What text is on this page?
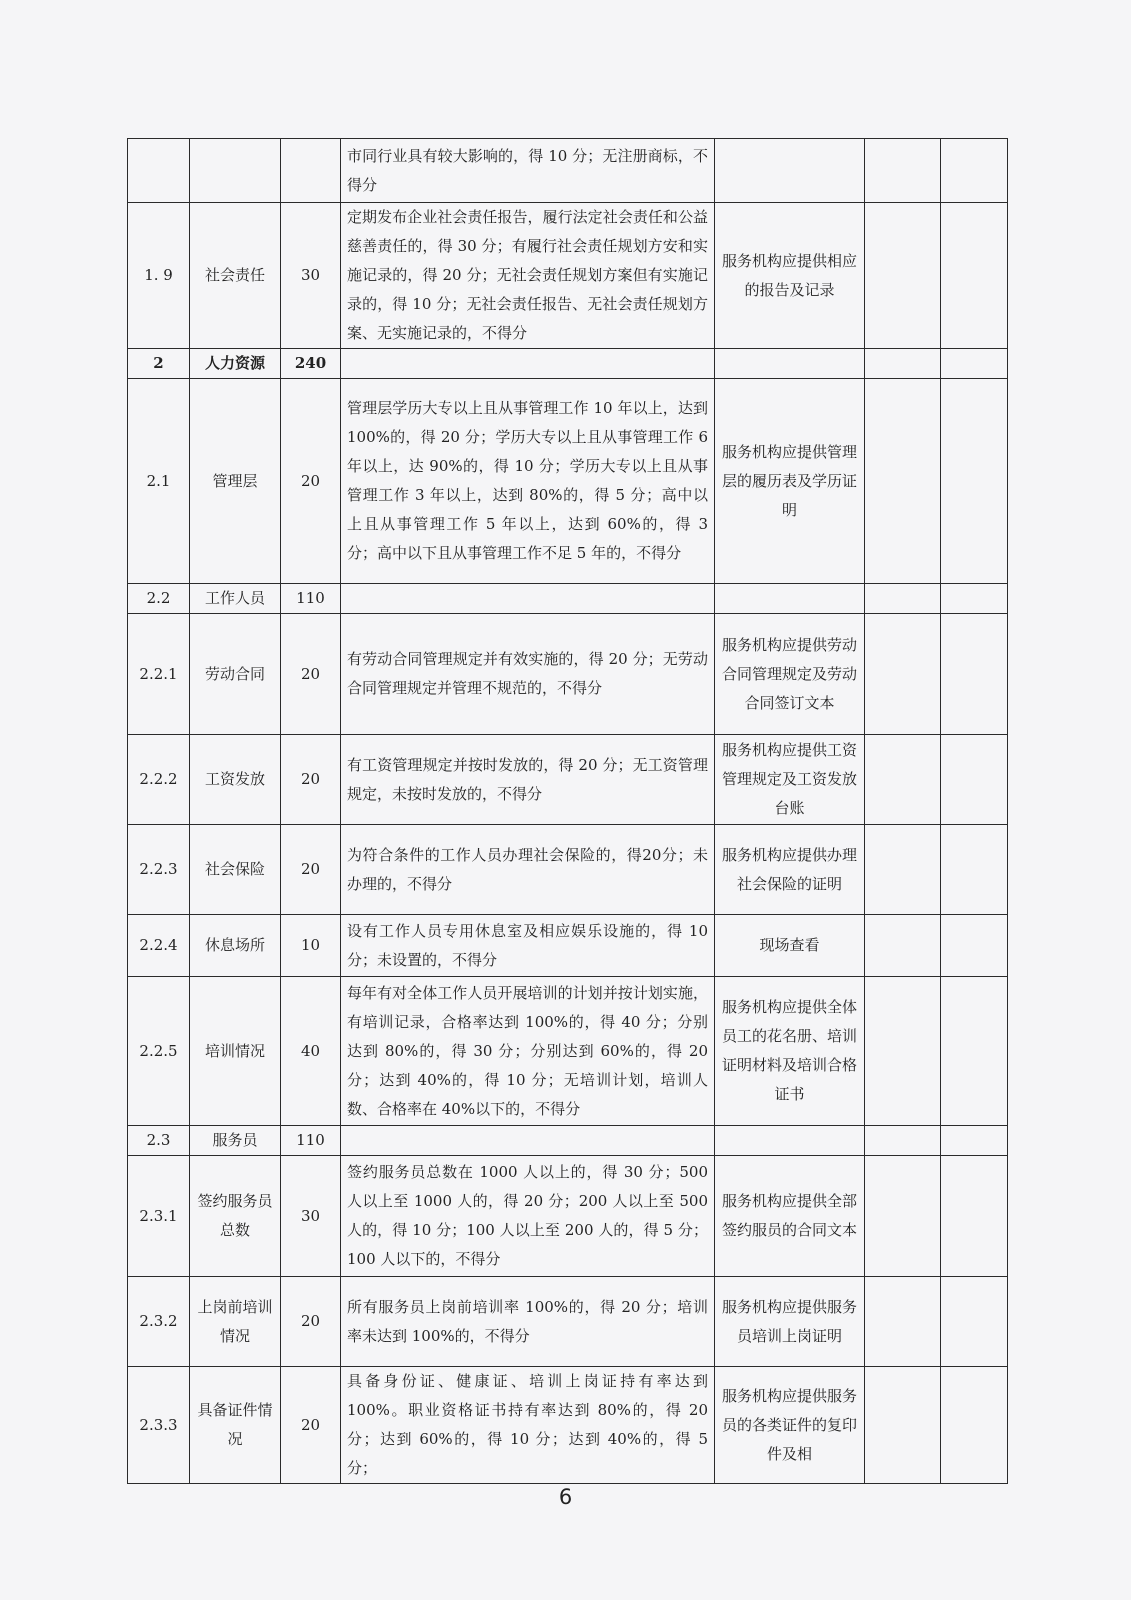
			市同行业具有较大影响的，得 10 分；无注册商标，不得分			
1. 9	社会责任	30	定期发布企业社会责任报告，履行法定社会责任和公益慈善责任的，得 30 分；有履行社会责任规划方安和实施记录的，得 20 分；无社会责任规划方案但有实施记录的，得 10 分；无社会责任报告、无社会责任规划方案、无实施记录的，不得分	服务机构应提供相应的报告及记录		
2	人力资源	240				
2.1	管理层	20	管理层学历大专以上且从事管理工作 10 年以上，达到 100%的，得 20 分；学历大专以上且从事管理工作 6 年以上，达 90%的，得 10 分；学历大专以上且从事管理工作 3 年以上，达到 80%的，得 5 分；高中以上且从事管理工作 5 年以上，达到 60%的，得 3 分；高中以下且从事管理工作不足 5 年的，不得分	服务机构应提供管理层的履历表及学历证明		
2.2	工作人员	110				
2.2.1	劳动合同	20	有劳动合同管理规定并有效实施的，得 20 分；无劳动合同管理规定并管理不规范的，不得分	服务机构应提供劳动合同管理规定及劳动合同签订文本		
2.2.2	工资发放	20	有工资管理规定并按时发放的，得 20 分；无工资管理规定，未按时发放的，不得分	服务机构应提供工资管理规定及工资发放台账		
2.2.3	社会保险	20	为符合条件的工作人员办理社会保险的，得20分；未办理的，不得分	服务机构应提供办理社会保险的证明		
2.2.4	休息场所	10	设有工作人员专用休息室及相应娱乐设施的，得 10 分；未设置的，不得分	现场查看		
2.2.5	培训情况	40	每年有对全体工作人员开展培训的计划并按计划实施，有培训记录，合格率达到 100%的，得 40 分；分别达到 80%的，得 30 分；分别达到 60%的，得 20 分；达到 40%的，得 10 分；无培训计划，培训人数、合格率在 40%以下的，不得分	服务机构应提供全体员工的花名册、培训证明材料及培训合格证书		
2.3	服务员	110				
2.3.1	签约服务员总数	30	签约服务员总数在 1000 人以上的，得 30 分；500 人以上至 1000 人的，得 20 分；200 人以上至 500 人的，得 10 分；100 人以上至 200 人的，得 5 分；100 人以下的，不得分	服务机构应提供全部签约服员的合同文本		
2.3.2	上岗前培训情况	20	所有服务员上岗前培训率 100%的，得 20 分；培训率未达到 100%的，不得分	服务机构应提供服务员培训上岗证明		
2.3.3	具备证件情况	20	具备身份证、健康证、培训上岗证持有率达到 100%。职业资格证书持有率达到 80%的，得 20 分；达到 60%的，得 10 分；达到 40%的，得 5 分；	服务机构应提供服务员的各类证件的复印件及相		
6
